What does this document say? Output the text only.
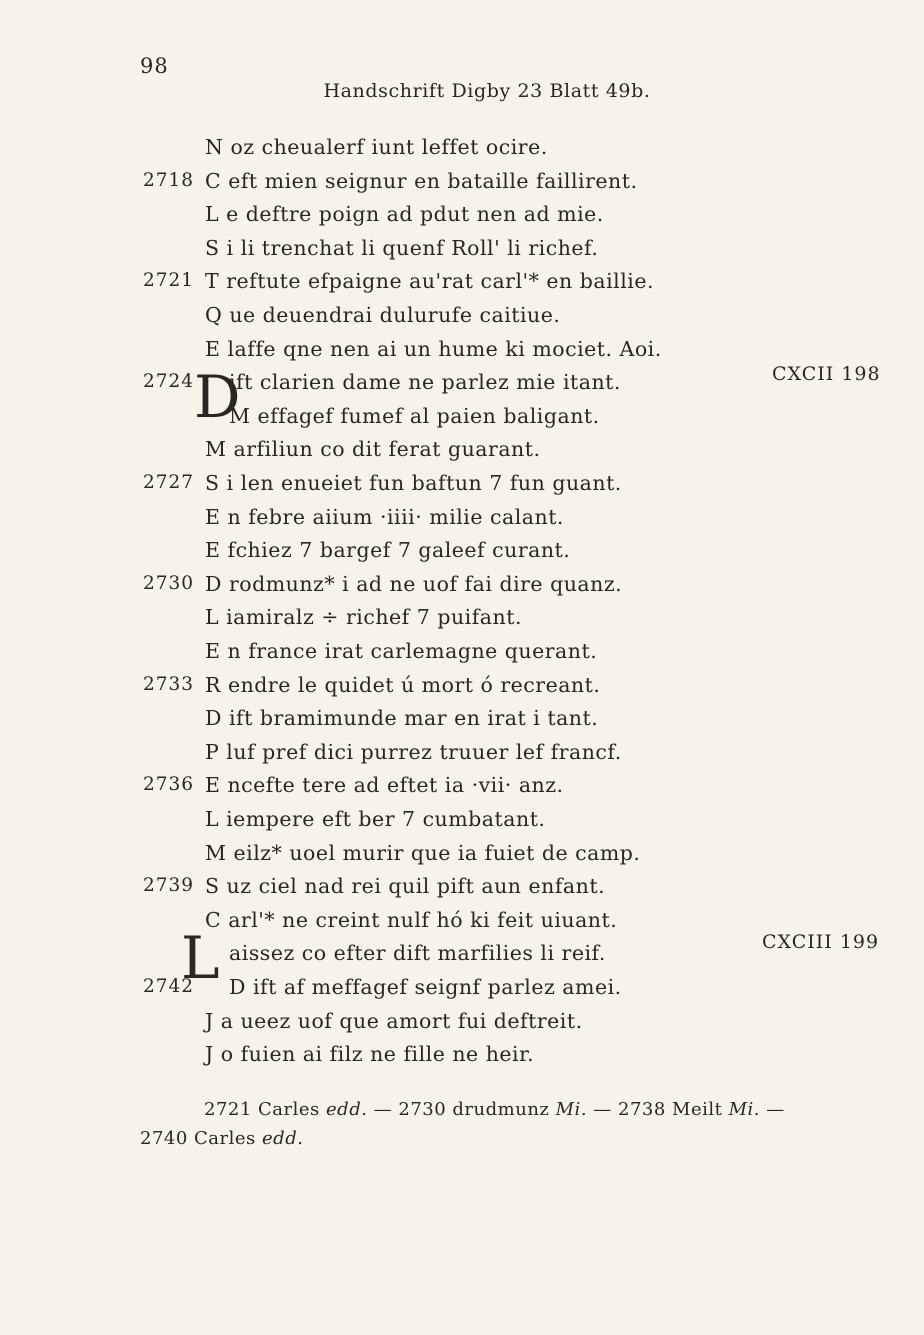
98
Handschrift Digby 23 Blatt 49b.
N oz cheualerf iunt leffet ocire.
2718 C eft mien seignur en bataille faillirent.
L e deftre poign ad pdut nen ad mie.
S i li trenchat li quenf Roll' li richef.
2721 T reftute efpaigne au'rat carl'* en baillie.
Q ue deuendrai dulurufe caitiue.
E laffe qne nen ai un hume ki mociet. Aoi.
2724 ift clarien dame ne parlez mie itant.
M effagef fumef al paien baligant.
M arfiliun co dit ferat guarant.
2727 S i len enueiet fun baftun 7 fun guant.
E n febre aiium ·iiii· milie calant.
E fchiez 7 bargef 7 galeef curant.
2730 D rodmunz* i ad ne uof fai dire quanz.
L iamiralz ÷ richef 7 puifant.
E n france irat carlemagne querant.
2733 R endre le quidet ú mort ó recreant.
D ift bramimunde mar en irat i tant.
P luf pref dici purrez truuer lef francf.
2736 E ncefte tere ad eftet ia ·vii· anz.
L iempere eft ber 7 cumbatant.
M eilz* uoel murir que ia fuiet de camp.
2739 S uz ciel nad rei quil pift aun enfant.
C arl'* ne creint nulf hó ki feit uiuant.
aissez co efter dift marfilies li reif.
2742 D ift af meffagef seignf parlez amei.
J a ueez uof que amort fui deftreit.
J o fuien ai filz ne fille ne heir.
CXCII 198
CXCIII 199
D
L
2721 Carles edd. — 2730 drudmunz Mi. — 2738 Meilt Mi. —
2740 Carles edd.
